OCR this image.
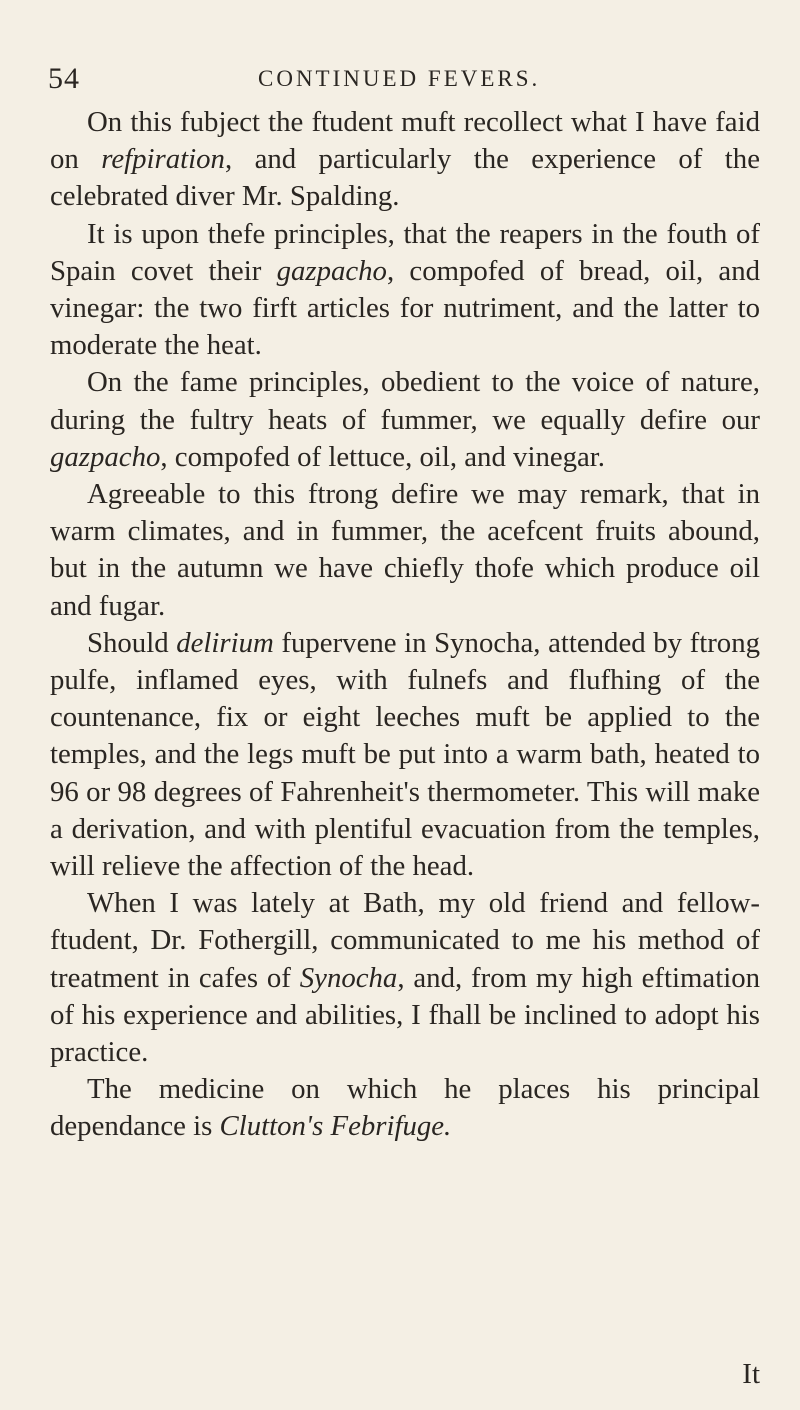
54	CONTINUED FEVERS.

On this fubject the ftudent muft recollect what I have faid on refpiration, and particularly the experience of the celebrated diver Mr. Spalding.

It is upon thefe principles, that the reapers in the fouth of Spain covet their gazpacho, compofed of bread, oil, and vinegar: the two firft articles for nutriment, and the latter to moderate the heat.

On the fame principles, obedient to the voice of nature, during the fultry heats of fummer, we equally defire our gazpacho, compofed of lettuce, oil, and vinegar.

Agreeable to this ftrong defire we may remark, that in warm climates, and in fummer, the acefcent fruits abound, but in the autumn we have chiefly thofe which produce oil and fugar.

Should delirium fupervene in Synocha, attended by ftrong pulfe, inflamed eyes, with fulnefs and flufhing of the countenance, fix or eight leeches muft be applied to the temples, and the legs muft be put into a warm bath, heated to 96 or 98 degrees of Fahrenheit's thermometer. This will make a derivation, and with plentiful evacuation from the temples, will relieve the affection of the head.

When I was lately at Bath, my old friend and fellow-ftudent, Dr. Fothergill, communicated to me his method of treatment in cafes of Synocha, and, from my high eftimation of his experience and abilities, I fhall be inclined to adopt his practice.

The medicine on which he places his principal dependance is Clutton's Febrifuge.

It
